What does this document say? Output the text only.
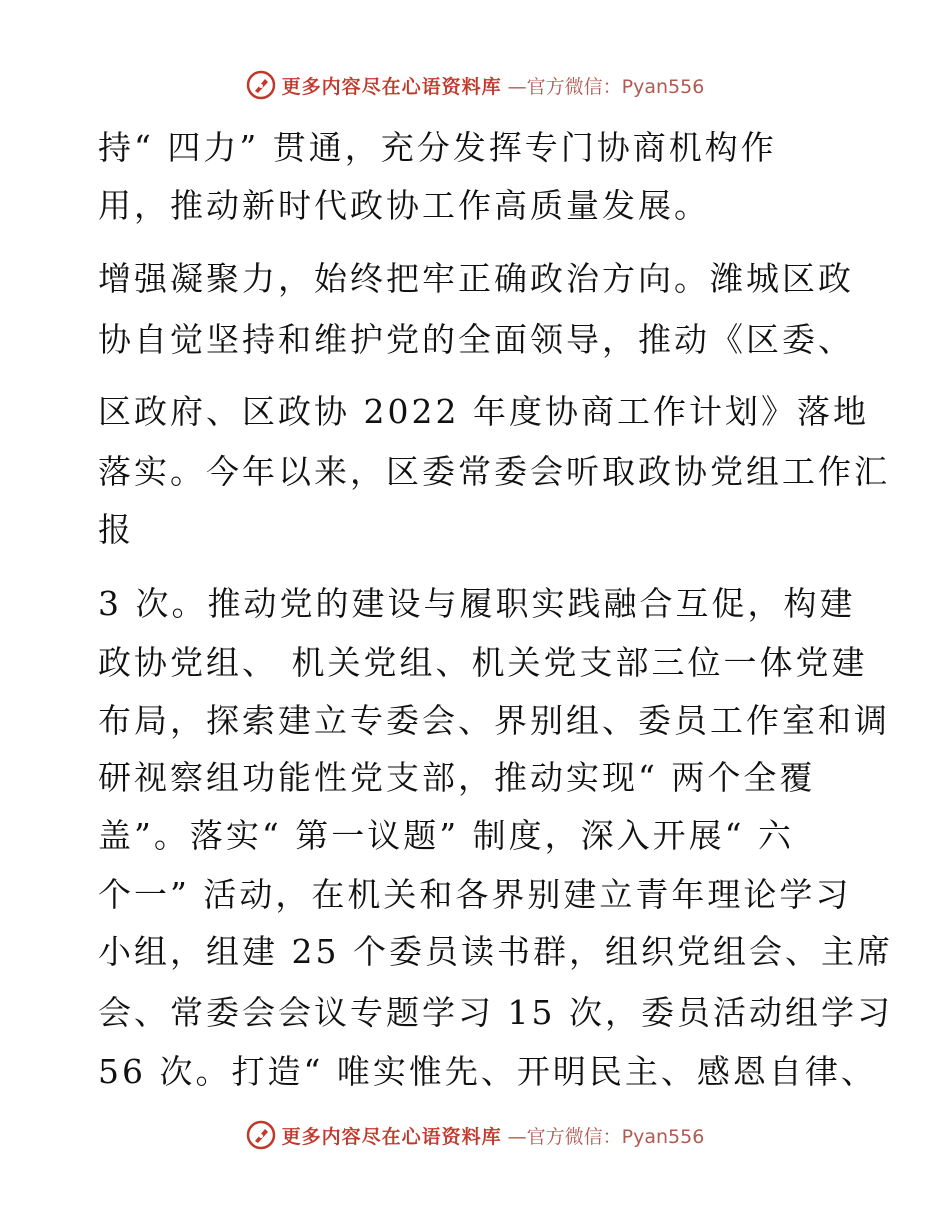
更多内容尽在心语资料库 —官方微信：Pyan556
持“ 四力” 贯通，充分发挥专门协商机构作
用，推动新时代政协工作高质量发展。
增强凝聚力，始终把牢正确政治方向。潍城区政
协自觉坚持和维护党的全面领导，推动《区委、
区政府、区政协 2022 年度协商工作计划》落地
落实。今年以来，区委常委会听取政协党组工作汇
报
3 次。推动党的建设与履职实践融合互促，构建
政协党组、 机关党组、机关党支部三位一体党建
布局，探索建立专委会、界别组、委员工作室和调
研视察组功能性党支部，推动实现“ 两个全覆
盖”。落实“ 第一议题” 制度，深入开展“ 六
个一” 活动，在机关和各界别建立青年理论学习
小组，组建 25 个委员读书群，组织党组会、主席
会、常委会会议专题学习 15 次，委员活动组学习
56 次。打造“ 唯实惟先、开明民主、感恩自律、
更多内容尽在心语资料库 —官方微信：Pyan556
